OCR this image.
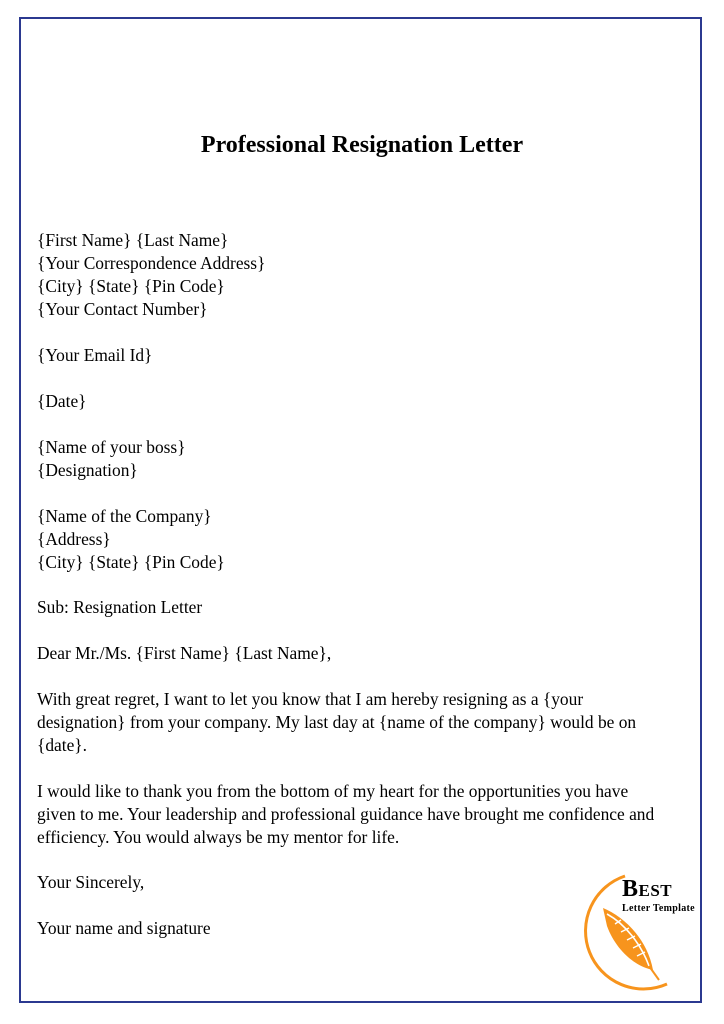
Professional Resignation Letter
{First Name} {Last Name}
{Your Correspondence Address}
{City} {State} {Pin Code}
{Your Contact Number}
{Your Email Id}
{Date}
{Name of your boss}
{Designation}
{Name of the Company}
{Address}
{City} {State} {Pin Code}
Sub: Resignation Letter
Dear Mr./Ms. {First Name} {Last Name},
With great regret, I want to let you know that I am hereby resigning as a {your
designation} from your company. My last day at {name of the company} would be on
{date}.
I would like to thank you from the bottom of my heart for the opportunities you have
given to me. Your leadership and professional guidance have brought me confidence and
efficiency. You would always be my mentor for life.
Your Sincerely,
Your name and signature
BEST
Letter Template
